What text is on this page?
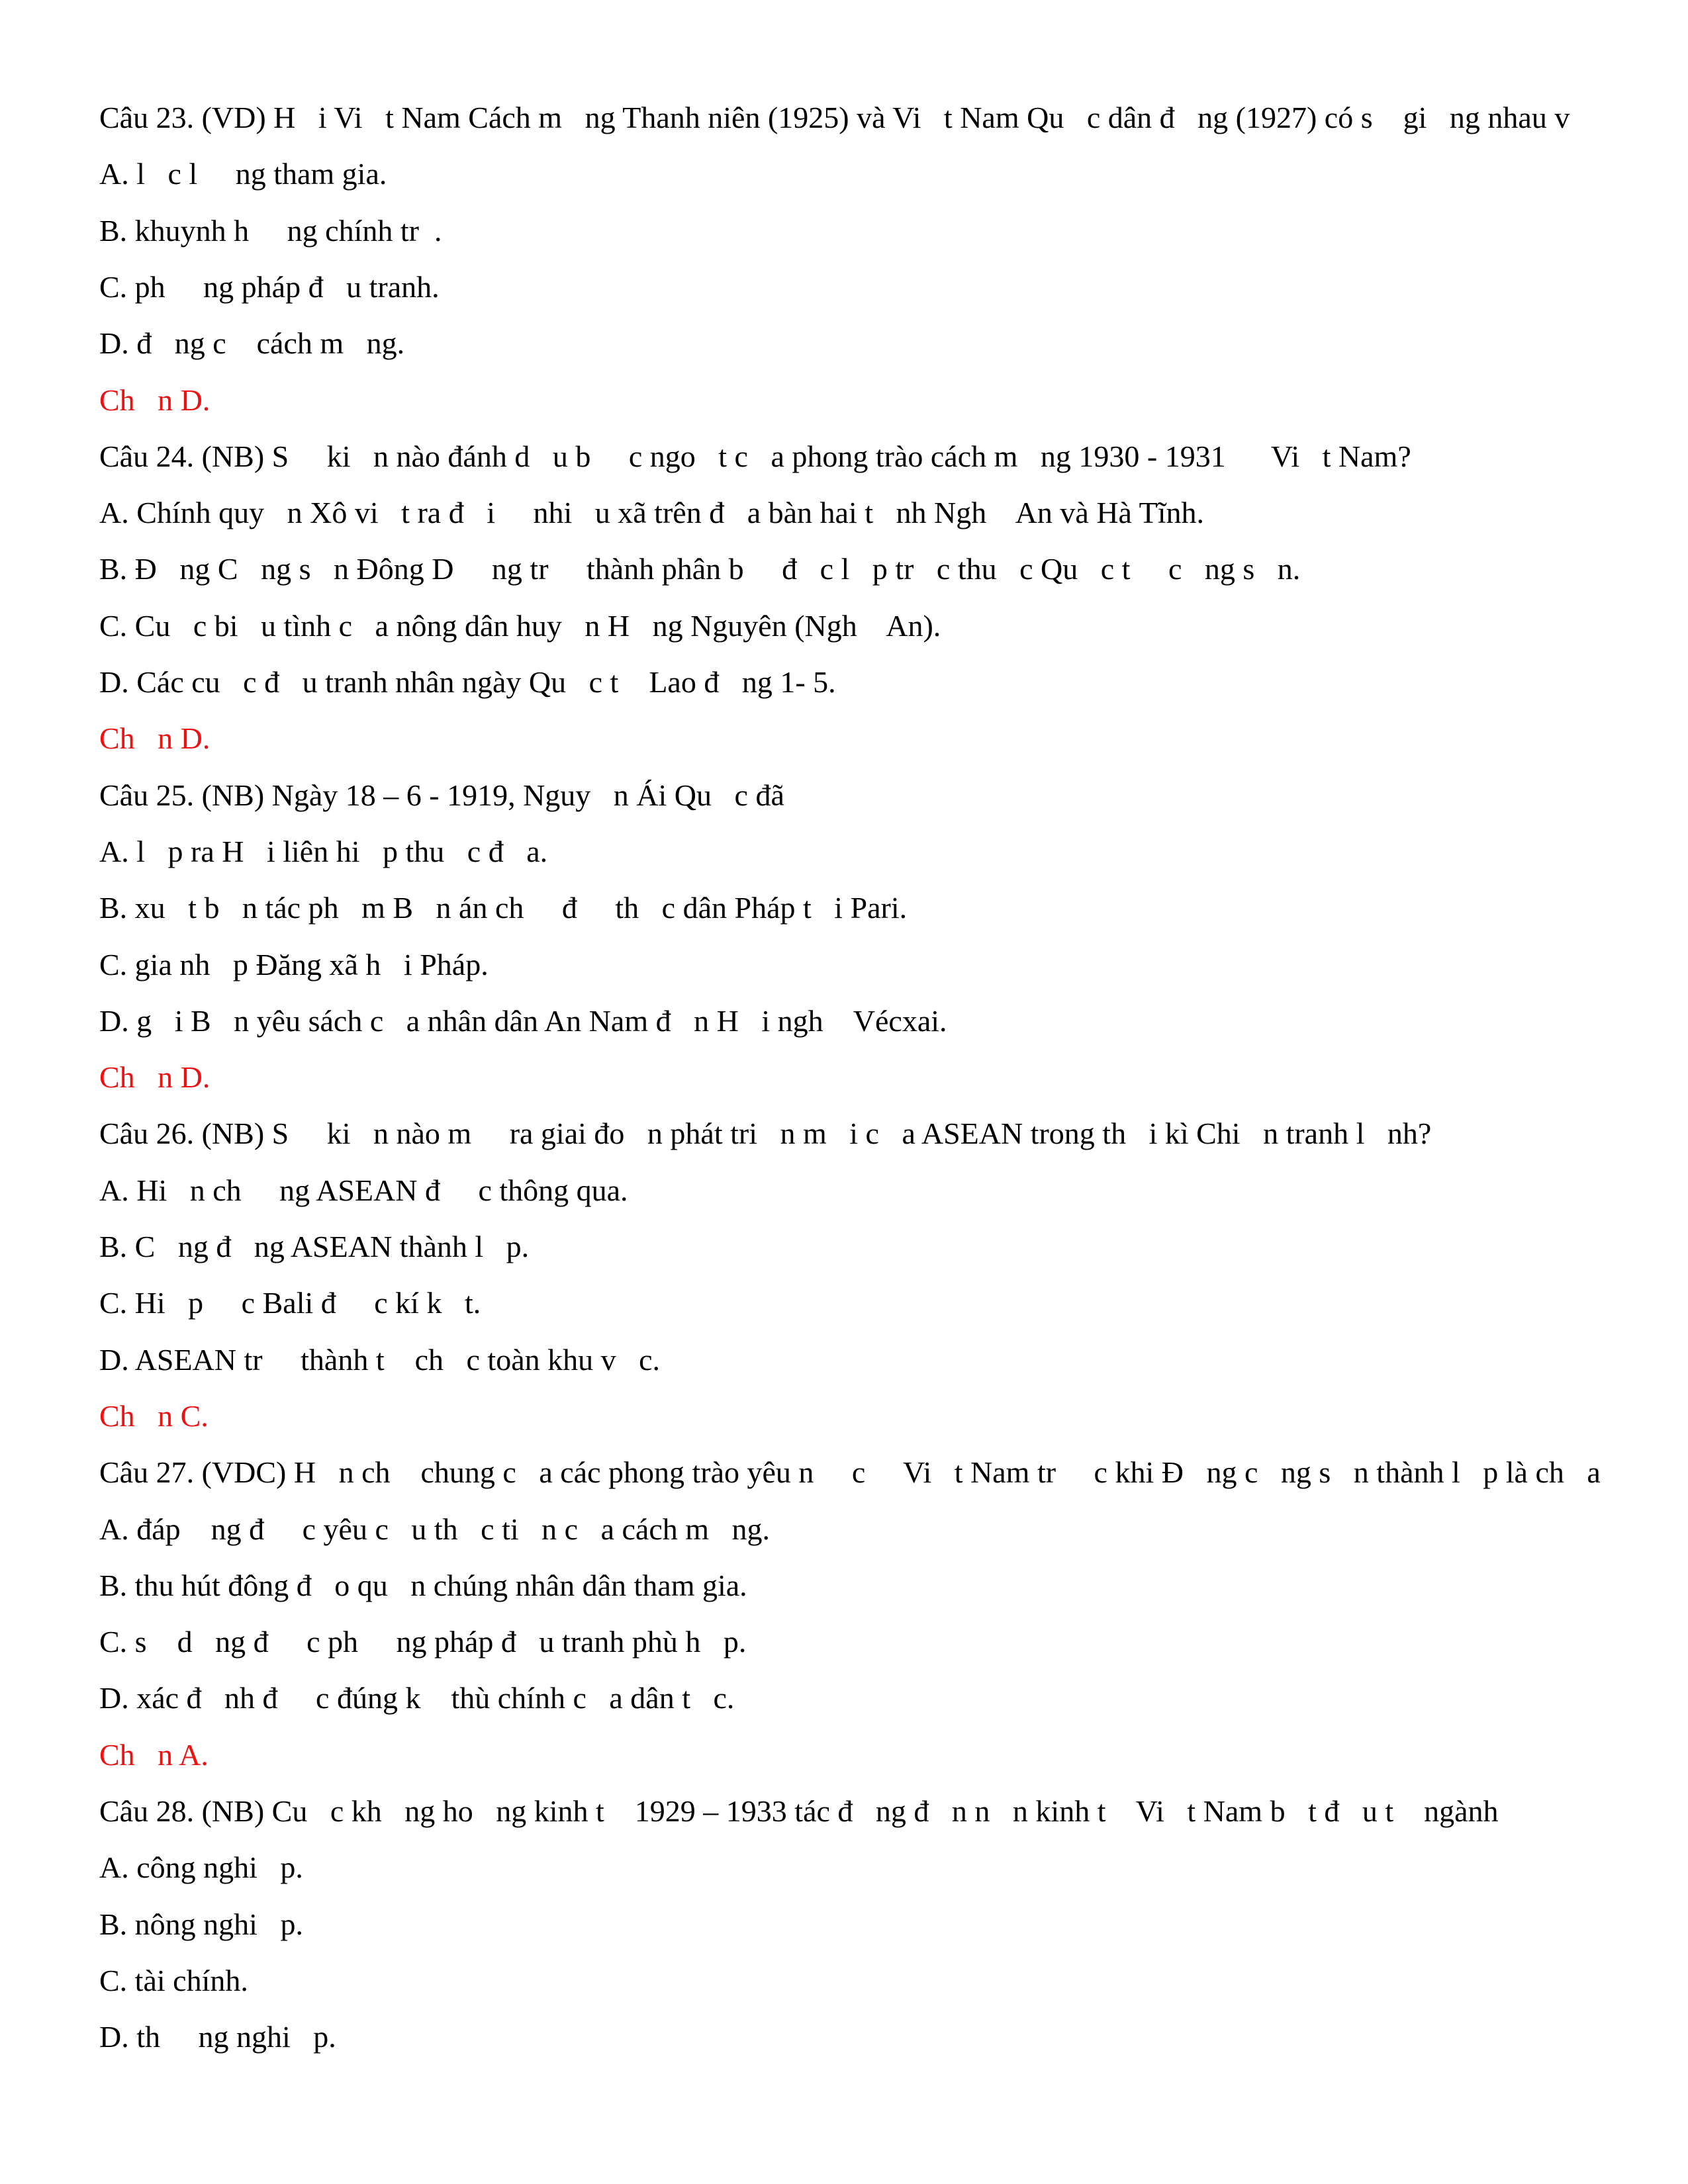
Câu 23. (VD) H   i Vi   t Nam Cách m   ng Thanh niên (1925) và Vi   t Nam Qu   c dân đ   ng (1927) có s    gi   ng nhau v
A. l   c l     ng tham gia.
B. khuynh h     ng chính tr  .
C. ph     ng pháp đ   u tranh.
D. đ   ng c    cách m   ng.
Ch   n D.
Câu 24. (NB) S     ki   n nào đánh d   u b     c ngo   t c   a phong trào cách m   ng 1930 - 1931      Vi   t Nam?
A. Chính quy   n Xô vi   t ra đ   i     nhi   u xã trên đ   a bàn hai t   nh Ngh    An và Hà Tĩnh.
B. Đ   ng C   ng s   n Đông D     ng tr     thành phân b     đ   c l   p tr   c thu   c Qu   c t     c   ng s   n.
C. Cu   c bi   u tình c   a nông dân huy   n H   ng Nguyên (Ngh    An).
D. Các cu   c đ   u tranh nhân ngày Qu   c t    Lao đ   ng 1- 5.
Ch   n D.
Câu 25. (NB) Ngày 18 – 6 - 1919, Nguy   n Ái Qu   c đã
A. l   p ra H   i liên hi   p thu   c đ   a.
B. xu   t b   n tác ph   m B   n án ch     đ     th   c dân Pháp t   i Pari.
C. gia nh   p Đăng xã h   i Pháp.
D. g   i B   n yêu sách c   a nhân dân An Nam đ   n H   i ngh    Vécxai.
Ch   n D.
Câu 26. (NB) S     ki   n nào m     ra giai đo   n phát tri   n m   i c   a ASEAN trong th   i kì Chi   n tranh l   nh?
A. Hi   n ch     ng ASEAN đ     c thông qua.
B. C   ng đ   ng ASEAN thành l   p.
C. Hi   p     c Bali đ     c kí k   t.
D. ASEAN tr     thành t    ch   c toàn khu v   c.
Ch   n C.
Câu 27. (VDC) H   n ch    chung c   a các phong trào yêu n     c     Vi   t Nam tr     c khi Đ   ng c   ng s   n thành l   p là ch   a
A. đáp    ng đ     c yêu c   u th   c ti   n c   a cách m   ng.
B. thu hút đông đ   o qu   n chúng nhân dân tham gia.
C. s    d   ng đ     c ph     ng pháp đ   u tranh phù h   p.
D. xác đ   nh đ     c đúng k    thù chính c   a dân t   c.
Ch   n A.
Câu 28. (NB) Cu   c kh   ng ho   ng kinh t    1929 – 1933 tác đ   ng đ   n n   n kinh t    Vi   t Nam b   t đ   u t    ngành
A. công nghi   p.
B. nông nghi   p.
C. tài chính.
D. th     ng nghi   p.
